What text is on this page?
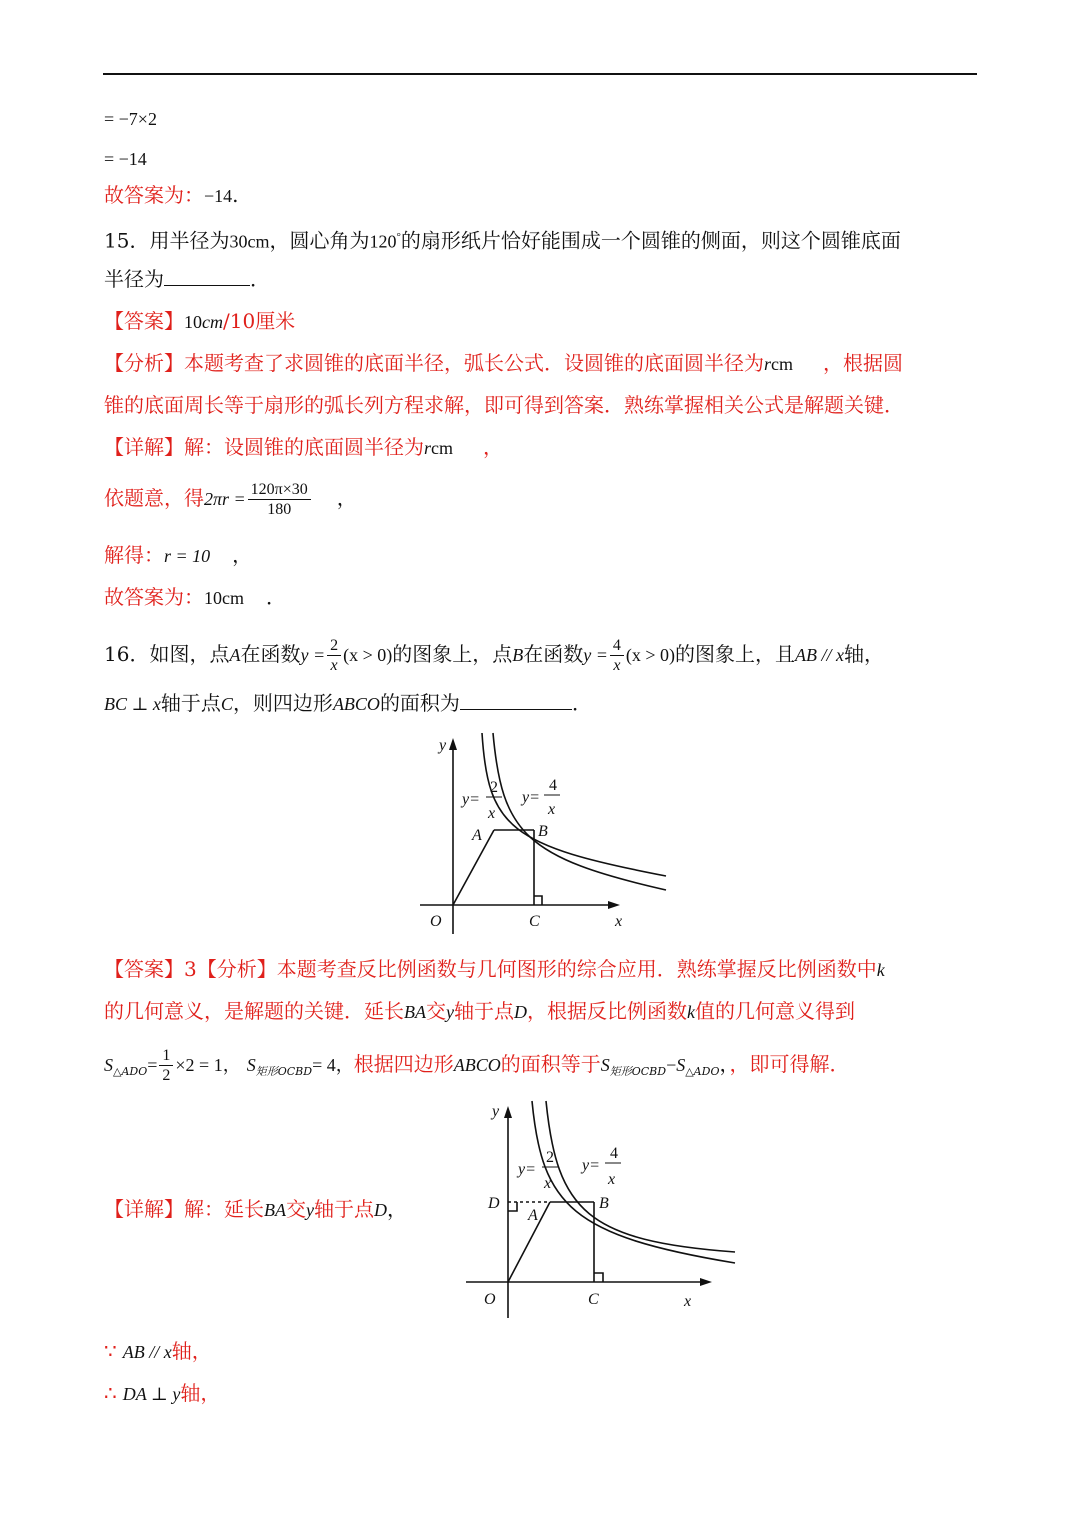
= −7×2
= −14
故答案为：−14.
15．用半径为30cm，圆心角为120°的扇形纸片恰好能围成一个圆锥的侧面，则这个圆锥底面
半径为	．
【答案】10cm/10厘米
【分析】本题考查了求圆锥的底面半径，弧长公式．设圆锥的底面圆半径为rcm ，根据圆
锥的底面周长等于扇形的弧长列方程求解，即可得到答案．熟练掌握相关公式是解题关键．
【详解】解：设圆锥的底面圆半径为rcm ，
依题意，得$2\pi r = \frac{120\pi\times 30}{180}$ ，
解得：r = 10 ，
故答案为：10cm ．
16．如图，点A在函数$y = \frac{2}{x} (x > 0)$的图象上，点B在函数$y = \frac{4}{x} (x > 0)$的图象上，且AB // x轴，
BC ⊥ x轴于点C，则四边形ABCO的面积为	．
y
x
O
A	B
C
y=
2
x
y=
4
x
【答案】3【分析】本题考查反比例函数与几何图形的综合应用．熟练掌握反比例函数中k
的几何意义，是解题的关键．延长BA交y轴于点D，根据反比例函数k值的几何意义得到
$S_{\triangle ADO}= \frac{1}{2} \times 2 = 1$， $S_{矩形OCBD}= 4$，根据四边形ABCO的面积等于$S_{矩形OCBD}-S_{\triangle ADO}$，，即可得解．
【详解】解：延长BA交y轴于点D，
y
x
O
A
B
C
D
y=
2
x
y=
4
x
∵ AB // x轴，
∴ DA ⊥ y轴，
